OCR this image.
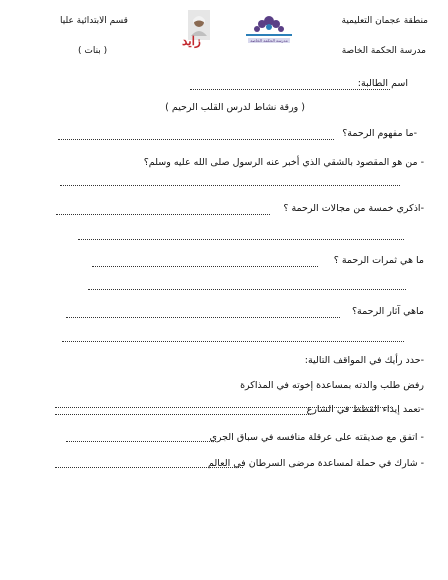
منطقة عجمان التعليمية
مدرسة الحكمة الخاصة
قسم الابتدائية عليا
( بنات )
مدرسة الحكمة الخاصة
زايد
اسم الطالبة:
( ورقة نشاط لدرس القلب الرحيم )
-ما مفهوم الرحمة؟
- من هو المقصود بالشقي الذي أخبر عنه الرسول صلى الله عليه وسلم؟
-اذكري خمسة من مجالات الرحمة ؟
ما هي ثمرات الرحمة ؟
ماهي آثار الرحمة؟
-حدد رأيك في المواقف التالية:
رفض طلب والدته بمساعدة إخوته في المذاكرة
-تعمد إيذاء القطط في الشارع
- اتفق مع صديقته على عرقلة منافسه في سباق الجري
- شارك في حملة لمساعدة مرضى السرطان في العالم
